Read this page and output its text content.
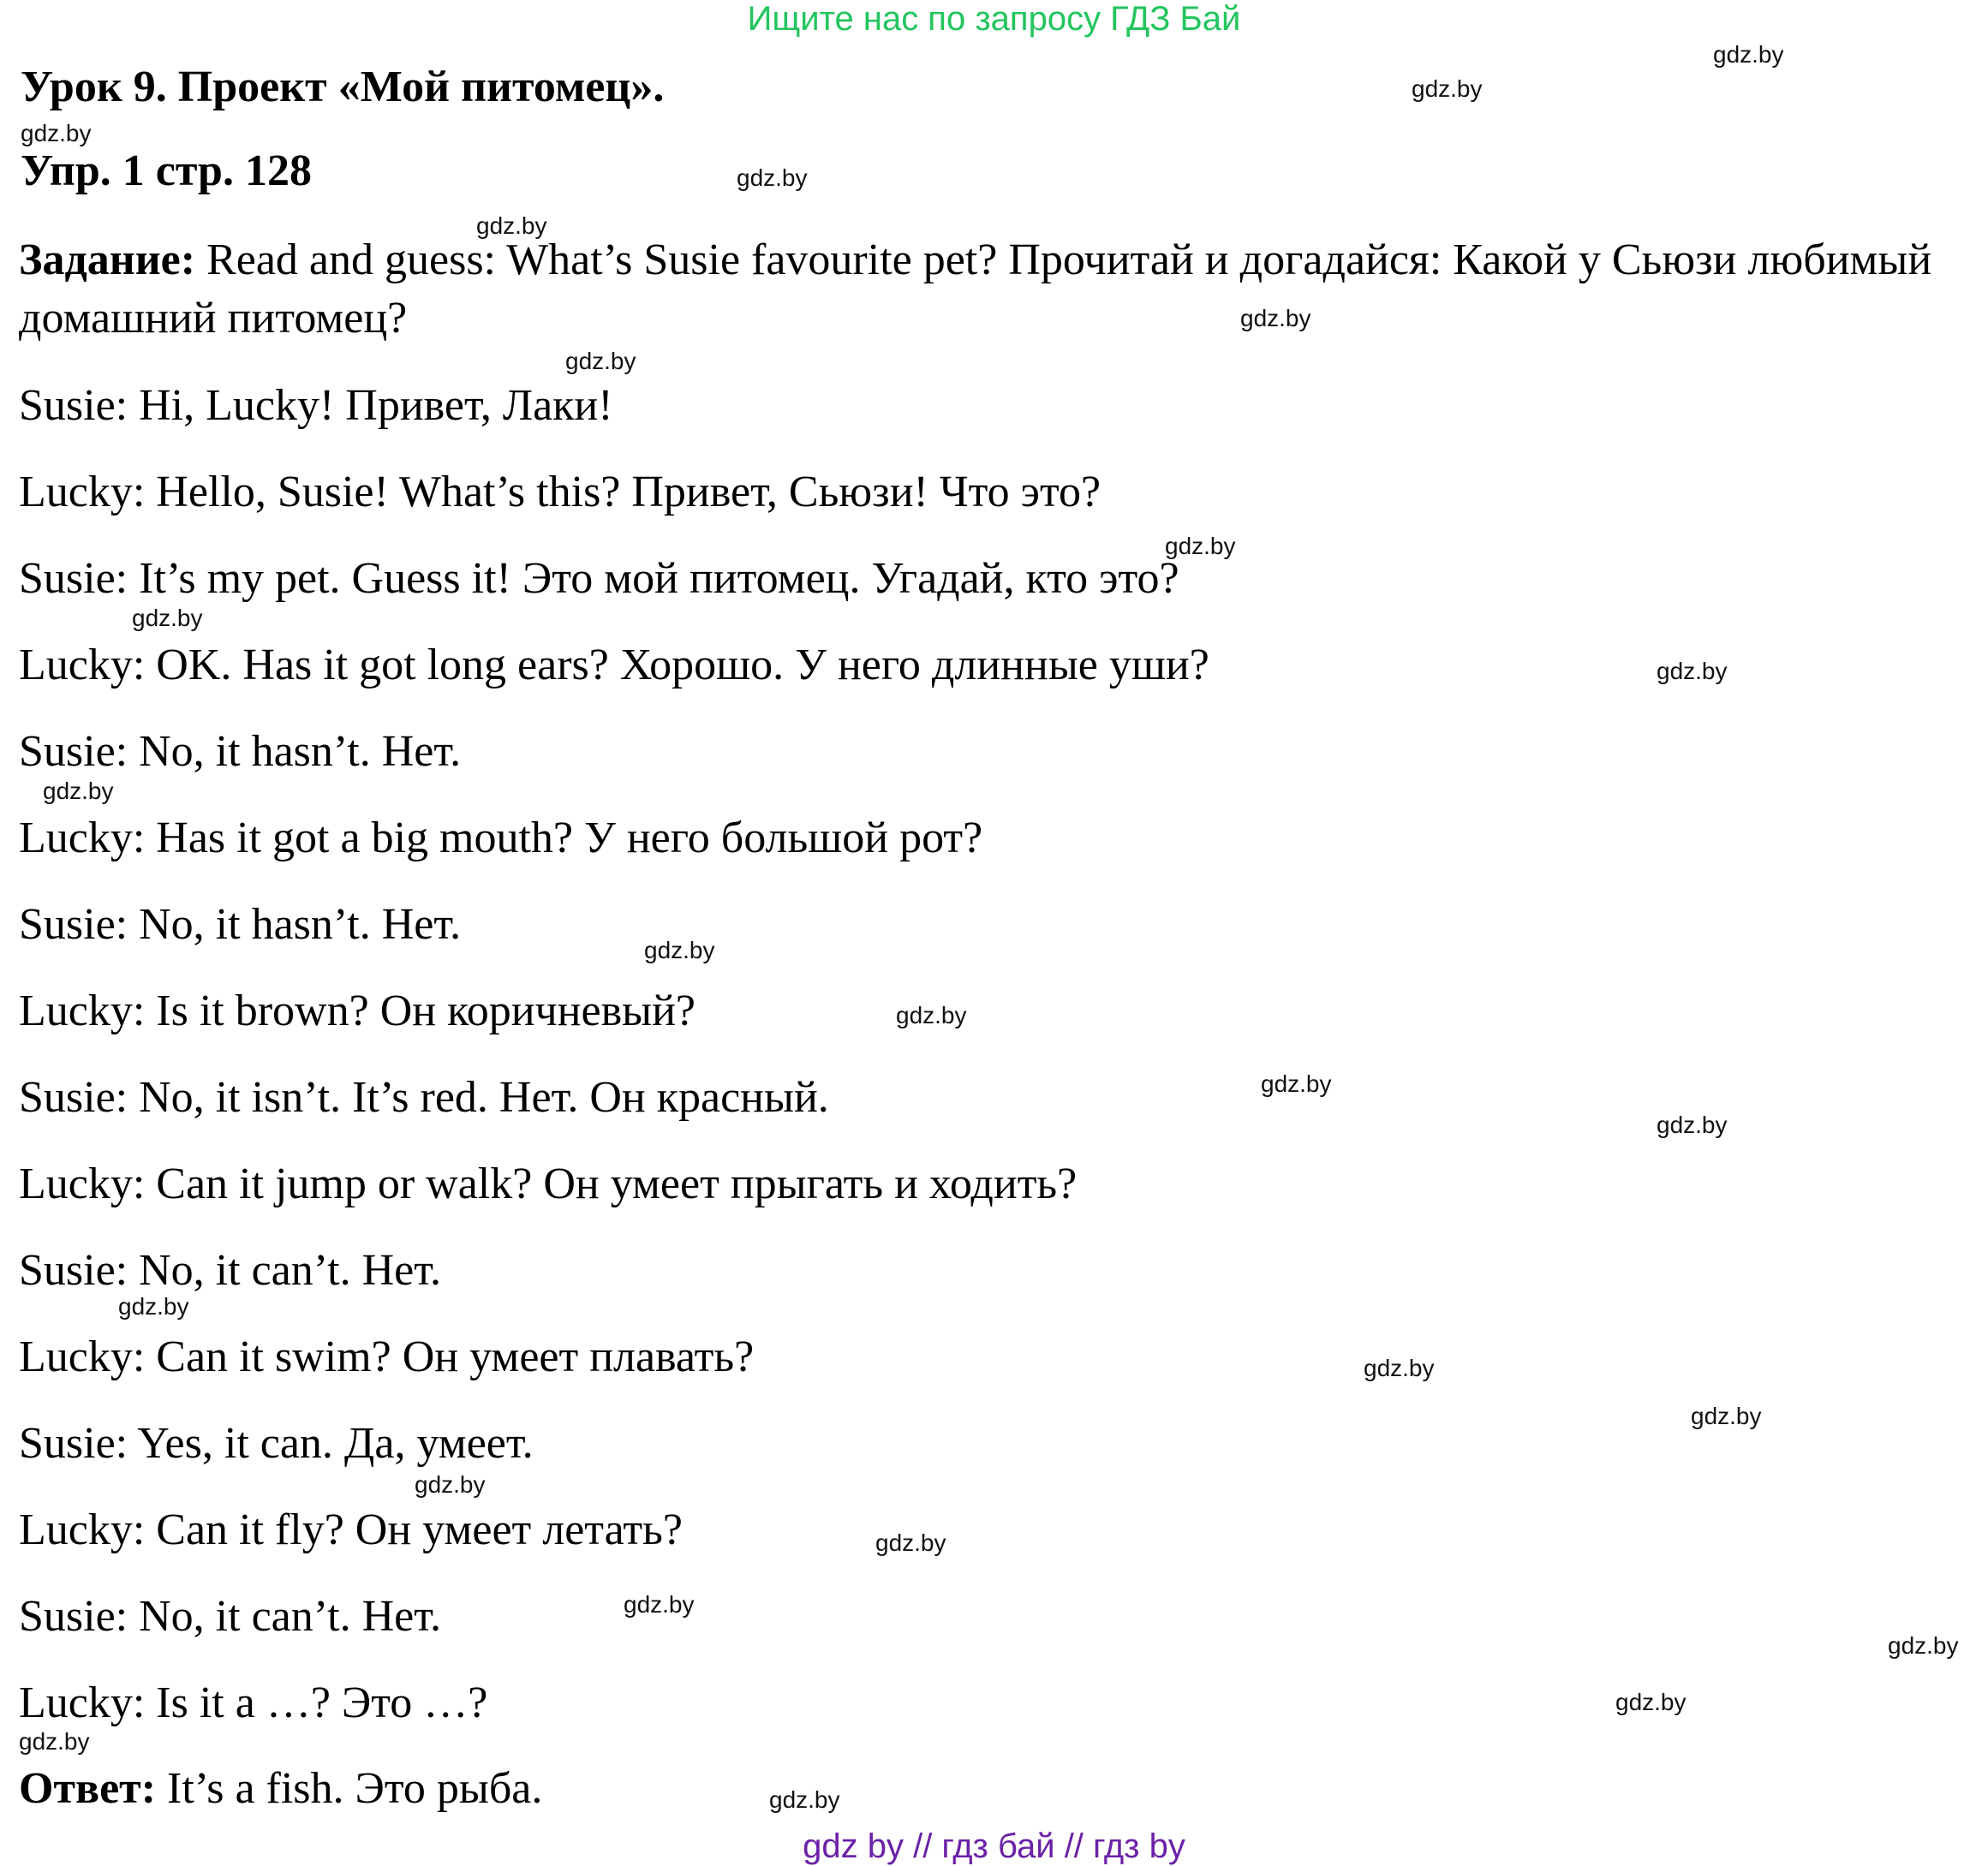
Ищите нас по запросу ГДЗ Бай
Урок 9. Проект «Мой питомец».
Упр. 1 стр. 128
Задание: Read and guess: What’s Susie favourite pet? Прочитай и догадайся: Какой у Сьюзи любимый домашний питомец?
Susie: Hi, Lucky! Привет, Лаки!
Lucky: Hello, Susie! What’s this? Привет, Сьюзи! Что это?
Susie: It’s my pet. Guess it! Это мой питомец. Угадай, кто это?
Lucky: OK. Has it got long ears? Хорошо. У него длинные уши?
Susie: No, it hasn’t. Нет.
Lucky: Has it got a big mouth? У него большой рот?
Susie: No, it hasn’t. Нет.
Lucky: Is it brown? Он коричневый?
Susie: No, it isn’t. It’s red. Нет. Он красный.
Lucky: Can it jump or walk? Он умеет прыгать и ходить?
Susie: No, it can’t. Нет.
Lucky: Can it swim? Он умеет плавать?
Susie: Yes, it can. Да, умеет.
Lucky: Can it fly? Он умеет летать?
Susie: No, it can’t. Нет.
Lucky: Is it a …? Это …?
Ответ: It’s a fish. Это рыба.
gdz.by
gdz.by
gdz.by
gdz.by
gdz.by
gdz.by
gdz.by
gdz.by
gdz.by
gdz.by
gdz.by
gdz.by
gdz.by
gdz.by
gdz.by
gdz.by
gdz.by
gdz.by
gdz.by
gdz.by
gdz.by
gdz.by
gdz.by
gdz.by
gdz.by
gdz by // гдз бай // гдз by
